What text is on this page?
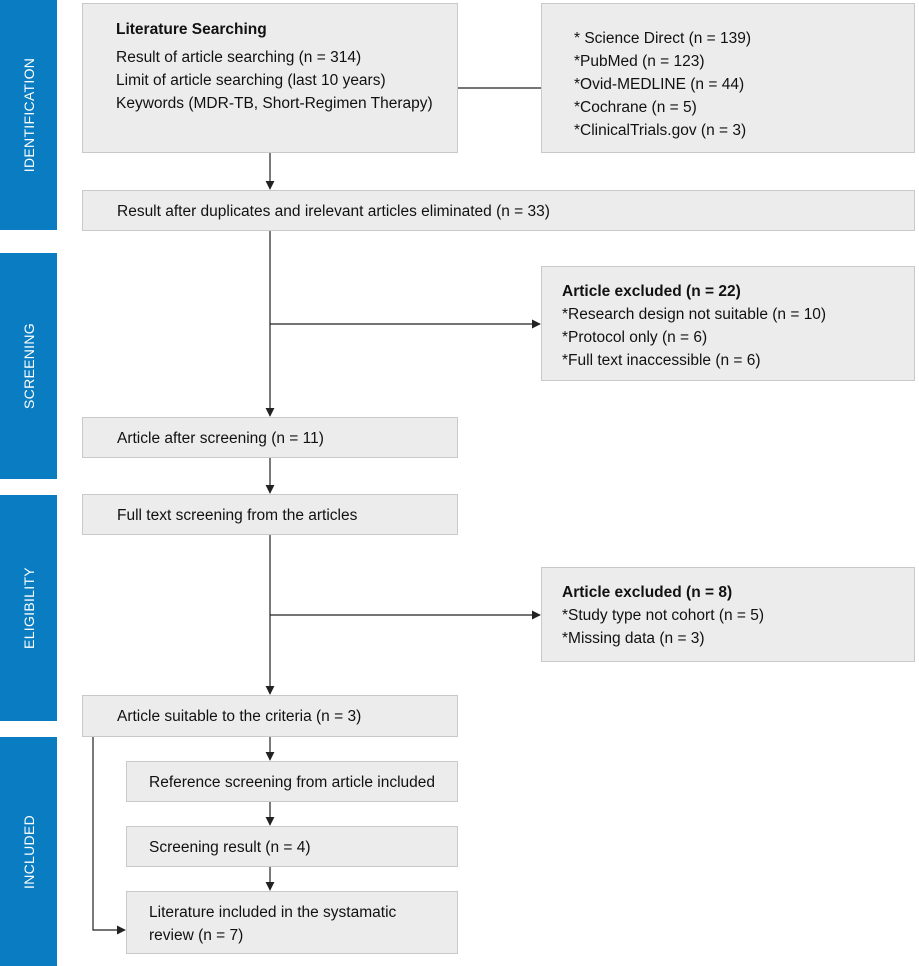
IDENTIFICATION
SCREENING
ELIGIBILITY
INCLUDED
Literature Searching
Result of article searching (n = 314)
Limit of article searching (last 10 years)
Keywords (MDR-TB, Short-Regimen Therapy)
* Science Direct (n = 139)
*PubMed (n = 123)
*Ovid-MEDLINE (n = 44)
*Cochrane (n = 5)
*ClinicalTrials.gov (n = 3)
Result after duplicates and irelevant articles eliminated (n = 33)
Article excluded (n = 22)
*Research design not suitable (n = 10)
*Protocol only (n = 6)
*Full text inaccessible (n = 6)
Article after screening (n = 11)
Full text screening from the articles
Article excluded (n = 8)
*Study type not cohort (n = 5)
*Missing data (n = 3)
Article suitable to the criteria (n = 3)
Reference screening from article included
Screening result (n = 4)
Literature included in the systamatic
review (n = 7)
